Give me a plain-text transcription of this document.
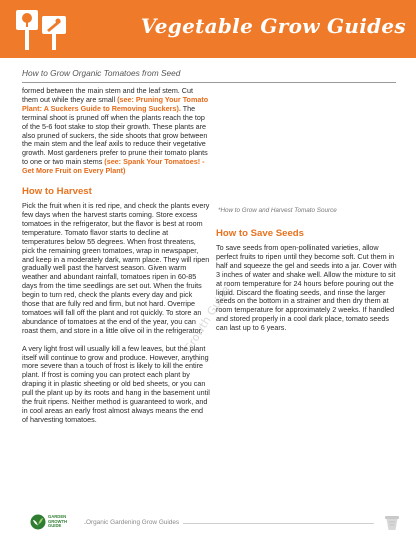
Vegetable Grow Guides
How to Grow Organic Tomatoes from Seed

formed between the main stem and the leaf stem. Cut them out while they are small (see: Pruning Your Tomato Plant: A Suckers Guide to Removing Suckers). The terminal shoot is pruned off when the plants reach the top of the 5-6 foot stake to stop their growth. These plants are also pruned of suckers, the side shoots that grow between the main stem and the leaf axils to reduce their vegetative growth. Most gardeners prefer to prune their tomato plants to one or two main stems (see: Spank Your Tomatoes! -Get More Fruit on Every Plant)

How to Harvest

Pick the fruit when it is red ripe, and check the plants every few days when the harvest starts coming. Store excess tomatoes in the refrigerator, but the flavor is best at room temperature. Tomato flavor starts to decline at temperatures below 55 degrees. When frost threatens, pick the remaining green tomatoes, wrap in newspaper, and keep in a moderately dark, warm place. They will ripen gradually well past the harvest season. Given warm weather and abundant rainfall, tomatoes ripen in 60-85 days from the time seedlings are set out. When the fruits begin to turn red, check the plants every day and pick those that are fully red and firm, but not hard. Overripe tomatoes will fall off the plant and rot quickly. To store an abundance of tomatoes at the end of the year, you can roast them, and store in a little olive oil in the refrigerator.

A very light frost will usually kill a few leaves, but the plant itself will continue to grow and produce. However, anything more severe than a touch of frost is likely to kill the entire plant. If frost is coming you can protect each plant by draping it in plastic sheeting or old bed sheets, or you can pull the plant up by its roots and hang in the basement until the fruit ripens. Neither method is guaranteed to work, and in cool areas an early frost almost always means the end of harvesting tomatoes.

*How to Grow and Harvest Tomato Source
How to Save Seeds

To save seeds from open-pollinated varieties, allow perfect fruits to ripen until they become soft. Cut them in half and squeeze the gel and seeds into a jar. Cover with 3 inches of water and shake well. Allow the mixture to sit at room temperature for 24 hours before pouring out the liquid. Discard the floating seeds, and rinse the larger seeds on the bottom in a strainer and then dry them at room temperature for approximately 2 weeks. If handled and stored properly in a cool dark place, tomato seeds can last up to 6 years.

Growth Guide
GARDEN GROWTH GUIDE	Organic Gardening Grow Guides
